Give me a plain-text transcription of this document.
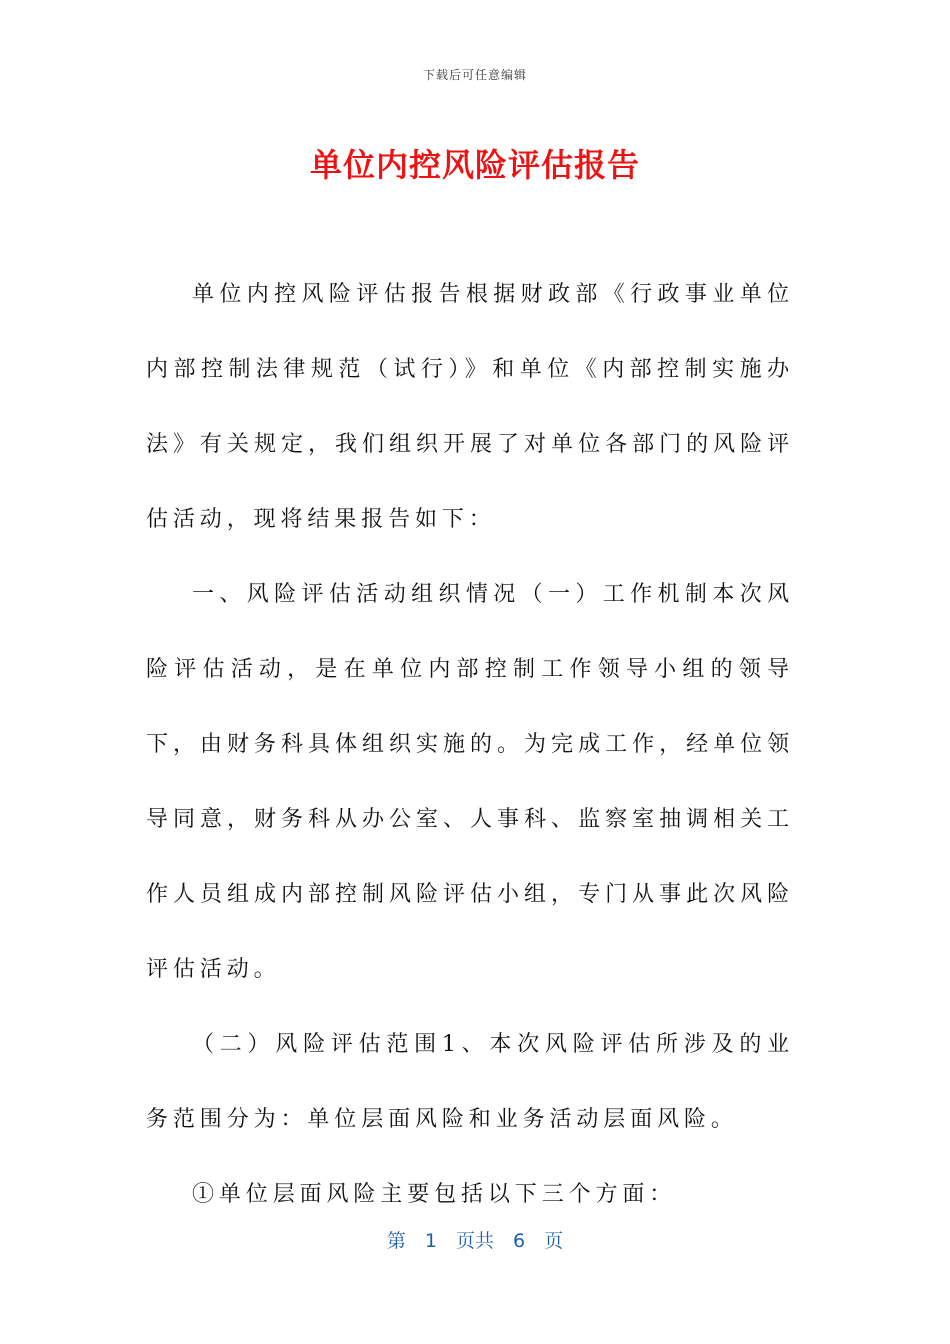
下载后可任意编辑
单位内控风险评估报告

单位内控风险评估报告根据财政部《行政事业单位内部控制法律规范（试行）》和单位《内部控制实施办法》有关规定，我们组织开展了对单位各部门的风险评估活动，现将结果报告如下：

一、风险评估活动组织情况（一）工作机制本次风险评估活动，是在单位内部控制工作领导小组的领导下，由财务科具体组织实施的。为完成工作，经单位领导同意，财务科从办公室、人事科、监察室抽调相关工作人员组成内部控制风险评估小组，专门从事此次风险评估活动。

（二）风险评估范围1、本次风险评估所涉及的业务范围分为：单位层面风险和业务活动层面风险。

①单位层面风险主要包括以下三个方面：

第　1　页共　6　页
